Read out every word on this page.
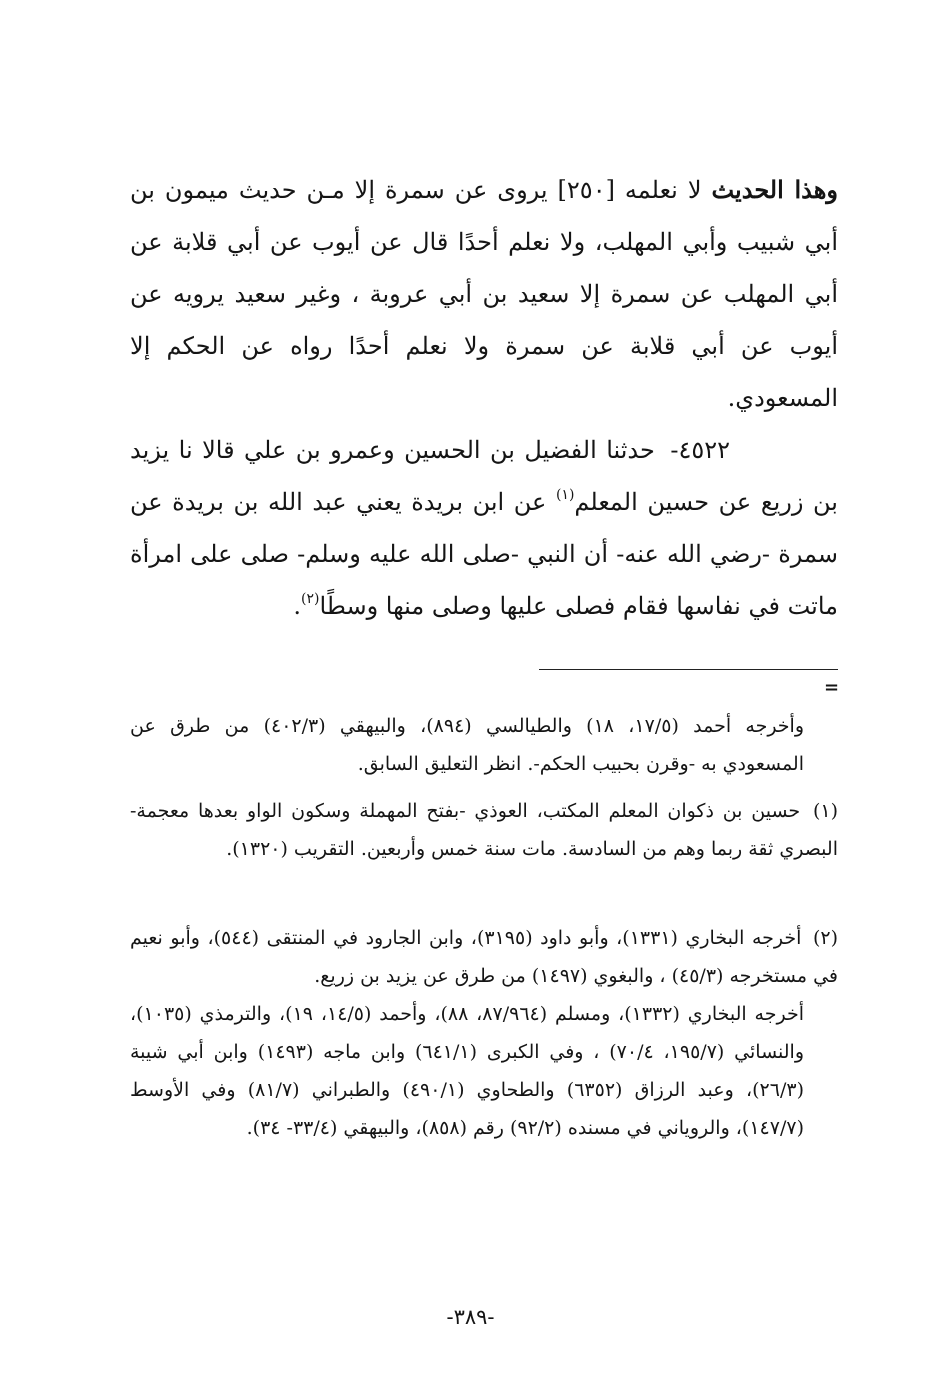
وهذا الحديث لا نعلمه [٢٥٠] يروى عن سمرة إلا مـن حديث ميمون بن أبي شبيب وأبي المهلب، ولا نعلم أحدًا قال عن أيوب عن أبي قلابة عن أبي المهلب عن سمرة إلا سعيد بن أبي عروبة ، وغير سعيد يرويه عن أيوب عن أبي قلابة عن سمرة ولا نعلم أحدًا رواه عن الحكم إلا المسعودي.

٤٥٢٢- حدثنا الفضيل بن الحسين وعمرو بن علي قالا نا يزيد بن زريع عن حسين المعلم$^{(١)}$ عن ابن بريدة يعني عبد الله بن بريدة عن سمرة -رضي الله عنه- أن النبي -صلى الله عليه وسلم- صلى على امرأة ماتت في نفاسها فقام فصلى عليها وصلى منها وسطًا$^{(٢)}$.

=

وأخرجه أحمد (١٧/٥، ١٨) والطيالسي (٨٩٤)، والبيهقي (٤٠٢/٣) من طرق عن المسعودي به -وقرن بحبيب الحكم-. انظر التعليق السابق.

(١) حسين بن ذكوان المعلم المكتب، العوذي -بفتح المهملة وسكون الواو بعدها معجمة- البصري ثقة ربما وهم من السادسة. مات سنة خمس وأربعين. التقريب (١٣٢٠).

(٢) أخرجه البخاري (١٣٣١)، وأبو داود (٣١٩٥)، وابن الجارود في المنتقى (٥٤٤)، وأبو نعيم في مستخرجه (٤٥/٣) ، والبغوي (١٤٩٧) من طرق عن يزيد بن زريع.

أخرجه البخاري (١٣٣٢)، ومسلم (٨٧/٩٦٤، ٨٨)، وأحمد (١٤/٥، ١٩)، والترمذي (١٠٣٥)، والنسائي (١٩٥/٧، ٧٠/٤) ، وفي الكبرى (٦٤١/١) وابن ماجه (١٤٩٣) وابن أبي شيبة (٢٦/٣)، وعبد الرزاق (٦٣٥٢) والطحاوي (٤٩٠/١) والطبراني (٨١/٧) وفي الأوسط (١٤٧/٧)، والروياني في مسنده (٩٢/٢) رقم (٨٥٨)، والبيهقي (٣٣/٤- ٣٤).

-٣٨٩-
